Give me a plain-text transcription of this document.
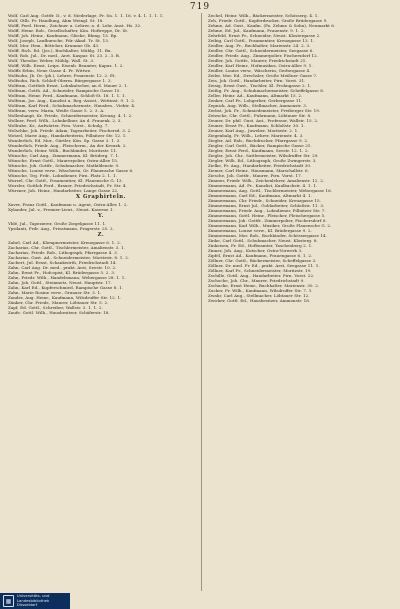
719

Wolf, Carl Aug. Gottfr. D., v. d. Niederlage, Fr. Sn. 1. 1. 16. v. 4. 1. 1. 1. 1.

Wolf, Gtlb. Fr. Handlung, Ahm Weingl. St. 18.

Wolff, Ferd. Herm., Zeichner u. Lehrer, a. d. Lehr. Anst. Hs. 32.

Wolff, Heinr. Rob., Gesellschafter, Kön. Hoftreppe, Dr. St.

Wolff, Joh. Heinr., Kaufmann, Glücke, Bhmg. 13. Rp.

Wolf, Joseph, Laufbursche, Fdr.-Akad. Tr. St. 13.

Wolf, Mor. Hrm., Böttcher, Krumme Gb. 43.

Wolff, Rich. Ed. (Jos.), Buchhalter, Mühlg. 11. Bu.

Wolf, Rob. Jul., Dr. med., Arzt, Kaspar. St. 23. 2. 3. B.

Wolf, Theodor, Weber, Mühlg. Wall. St. 3.

Wolff, Wilh. Ernst, Leipz. Eisenb. Beamter, Kapuz. 1. 2.

Wolffs Erbin, Neue Gasse 4. Fr. Wittwe.

Wolfsohn, Jb. Dr. (ph.), Lehrer, Frauenstr. 12. 2. Et.

Wolfsohn, Rich. Schloß-Oberm. Bürgergasse 1. 3.

Wolfram, Gottlieb Ernst, Lohnkutscher, an d. Mauer 2. 1.

Wolfram, Gotth. Ad., Schneider, Rampische Gasse 15.

Wolfram, Heinr. Ferd., Kaufmann, Schloß-St. 18. 1. 1. 1.

Wolfram, Jos. Aug., Kanzlist u. Reg.-Assist., Wettinst. 9. 1. 2.

Wolfram, Karl Ferd., Schuhmachermstr., Hausbes., Viehtr. 4.

Wolfram, verw. Maria, Weiße Gasse 5. 2. 3. A.

Wollenhaupt, Kr. Friedr., Schneidermeister, Kreuzg. 4. 1. 2.

Wollner, Ferd. Wilh., Lohnkellner, An d. Frauenk. 2. 3.

Wollrabe, Kr., Aufwärter, Pirn. Vorst., Schulg. 7.

Wolschke, Joh. Friedr. Adam, Tagearbeiter, Fischersd. 3. 2.

Wotzel, Marie Aug., Handarbeiterin, Pillnitzer Str. 12. 1.

Wunderlich, Ed. Mor., Gürtler, Kön. Sp. Gasse 3. 1. 3.

Wunderlich, Friedr. Aug., Fleischerm., An der Kreuzk. 2.

Wunderlich, Heinr. Wilh., Buchbinder, Moritzstr. 11.

Wünsche, Carl Aug., Zimmermann, Kl. Brüderg. 7. 1.

Wünsche, Ernst Gottl., Maurerpolier, Ostra-Allee 15.

Wünsche, Joh. Gottfr., Schuhmacher, Mathildenstr. 9.

Wünsche, Louise verw., Wäscherin, Gr. Plauensche Gasse 6.

Wünsche, Trg. Frdr., Lohndiener, Pirn. Platz 2. 1. 1.

Wurzel, Chr. Gottl., Posamentier, Kl. Plauensche G. 13.

Wurzler, Gottlob Ferd., Brauer, Friedrichstadt, Fr. Str. 4.

Würzner, Joh. Heinr., Handarbeiter, Lange Gasse 22.

X Graphirteln.

Xaver, Franz Gottl., Kaufmann u. Agent, Ostra-Allee 1. 2.

Xylander, Jul. v., Premier-Lieut., Neust. Kaserne 1.

Y.

Yblé, Jul., Tapezierer, Große Ziegelgasse 11. 1.

Ypsilanti, Frdr. Aug., Privatmann, Pragerstr. 25. 2.

Z.

Zabel, Carl Ad., Klempnermeister, Kreuzgasse 6. 1. 2.

Zacharias, Chr. Gottl., Tischlermeister, Amalienstr. 3. 1.

Zacharias, Friedr. Rob., Lithograph, Pfarrgasse 4. 3.

Zacharias, Gust. Ad., Schneidermeister, Moritzstr. 8. 1. 2.

Zachert, Jul. Ernst, Schankwirth, Friedrichstadt 14.

Zahn, Carl Aug. Dr. med., prakt. Arzt, Seestr. 10. 2.

Zahn, Ernst Fr., Hofcopist, Kl. Brüdergasse 5. 2. 3.

Zahn, Friedr. Wilh., Handelsmann, Webergasse 28. 1. 1.

Zahn, Joh. Gottl., Steinmetz, Neust. Hauptstr. 17.

Zahn, Karl Ed., Kupferschmied, Rampische Gasse 8. 1.

Zahn, Marie Rosine verw., Grunaer Str. 3. 1.

Zander, Aug. Heinr., Kaufmann, Wilsdruffer Str. 12. 1.

Zänker, Chr. Friedr., Maurer, Löbtauer Str. 5. 2.

Zapf, Ed. Gottl., Schreiber, Wallstr. 3. 1. 1. 2.

Zaufe, Gottl. Wilh., Hausbesitzer, Schäferstr. 18.

Zechel, Heinr. Wilh., Bäckermeister, Schösserg. 4. 1.

Zeh, Friedr. Gottl., Kupferdrucker, Große Brüdergasse 9.

Zehme, Ad. Gust., Kaufm. (Fa. Zehme & Sohn), Neumarkt 6.

Zehme, Ed. Jul., Kaufmann, Frauenstr. 9. 1. 2.

Zehrfeld, Ernst Fr., Schneider, Neust. Klostergasse 2.

Zeibig, Carl Gottl., Posamentier, Kreuzgasse 13. 1.

Zeidler, Aug. Fr., Buchhalter, Marienstr. 24. 2. 3.

Zeidler, Chr. Gottl., Schneidermeister, Seegasse 6.

Zeidler, Friedr. Aug., Zimmerpolier, Fischersdorf 12.

Zeidler, Joh. Gottfr., Maurer, Friedrichstadt 21.

Zeidler, Karl Heinr., Hofmusikus, Ostra-Allee 9. 1.

Zeidler, Louise verw., Wäscherin, Gerbergasse 4.

Zeiler, Mor. Ed., Drechsler, Große Meißner Gasse 7.

Zeis, Joh. Gottl., Handarbeiter, Pirn. Vorst. 31.

Zeisig, Ernst Gust., Tischler, Kl. Frohngasse 2. 1.

Zeißig, Fr. Aug., Schuhmachermeister, Scheffelgasse 8.

Zeller, Heinr. Ad., Kaufmann, Altmarkt 15. 2.

Zenker, Carl Fr., Lohgerber, Gerbergasse 11.

Zepnick, Aug. Wilh., Stellmacher, Ammonstr. 3.

Zerbst, Joh. Fr., Schmiedemeister, Freiberger Str. 19.

Zetzsche, Chr. Gottl., Fuhrmann, Löbtauer Str. 8.

Zeuner, Dr. phil. Gust. Ant., Professor, Wallstr. 15. 2.

Zeuner, Ernst Fr., Kaufmann, Schloßstr. 30. 1.

Zeuner, Karl Aug., Juwelier, Moritzstr. 2. 1.

Ziegenbalg, Fr. Wilh., Lehrer, Marienstr. 4. 3.

Ziegler, Ad. Rob., Buchdrucker, Pfarrgasse 9. 2.

Ziegler, Carl Gottl., Bäcker, Rampische Gasse 21.

Ziegler, Ernst Ferd., Kaufmann, Seestr. 12. 1. 2.

Ziegler, Joh. Chr., Sattlermeister, Wilsdruffer Str. 29.

Ziegler, Wilh. Ed., Lithograph, Große Zwingerstr. 3.

Zielke, Fr. Aug., Handarbeiter, Friedrichstadt 30.

Ziemer, Carl Heinr., Hausmann, Marschallstr. 6.

Ziesche, Joh. Gottfr., Maurer, Pirn. Vorst. 17.

Zimmer, Friedr. Wilh., Zeichenlehrer, Amalienstr. 12. 2.

Zimmermann, Ad. Fr., Kanzlist, Kaulbachstr. 4. 1. 1.

Zimmermann, Aug. Gottl., Tischlermeister, Webergasse 16.

Zimmermann, Carl Ed., Kaufmann, Altmarkt 4. 1.

Zimmermann, Chr. Friedr., Schneider, Kreuzgasse 15.

Zimmermann, Ernst Jul., Goldarbeiter, Schloßstr. 11. 3.

Zimmermann, Friedr. Aug., Lohndiener, Pillnitzer Str. 7.

Zimmermann, Gottl. Heinr., Fleischer, Fleischergasse 5.

Zimmermann, Joh. Gottfr., Zimmerpolier, Fischersdorf 6.

Zimmermann, Karl Wilh., Musiker, Große Plauensche G. 2.

Zimmermann, Louise verw., Kl. Brüdergasse 9. 2.

Zimmermann, Mor. Rob., Buchbinder, Schössergasse 14.

Zinke, Carl Gottl., Schuhmacher, Neust. Klosterg. 8.

Zinkeisen, Fr. Ed., Hofbeamter, Taschenberg 2. 1.

Zinner, Joh. Aug., Kutscher, Ostra-Vorwerk 3.

Zipfel, Ernst Ad., Kaufmann, Frauengasse 6. 1. 2.

Zöllner, Chr. Gottl., Bäckermeister, Scheffelgasse 3.

Zöllner, Dr. med. Fr. Ed., prakt. Arzt, Seegasse 11. 1.

Zöllner, Karl Fr., Schneidermeister, Moritzstr. 19.

Zschille, Gottl. Aug., Handarbeiter, Pirn. Vorst. 22.

Zschoche, Joh. Chr., Maurer, Friedrichstadt 9.

Zschucke, Ernst Heinr., Buchhalter, Marienstr. 30. 2.

Zucker, Fr. Wilh., Kaufmann, Wilsdruffer Str. 7. 1.

Zwahr, Carl Aug., Stellmacher, Löbtauer Str. 12.

Zwicker, Gottl. Ed., Hausbesitzer, Ammonstr. 18.

▦
Universitäts- und
Landesbibliothek Düsseldorf
